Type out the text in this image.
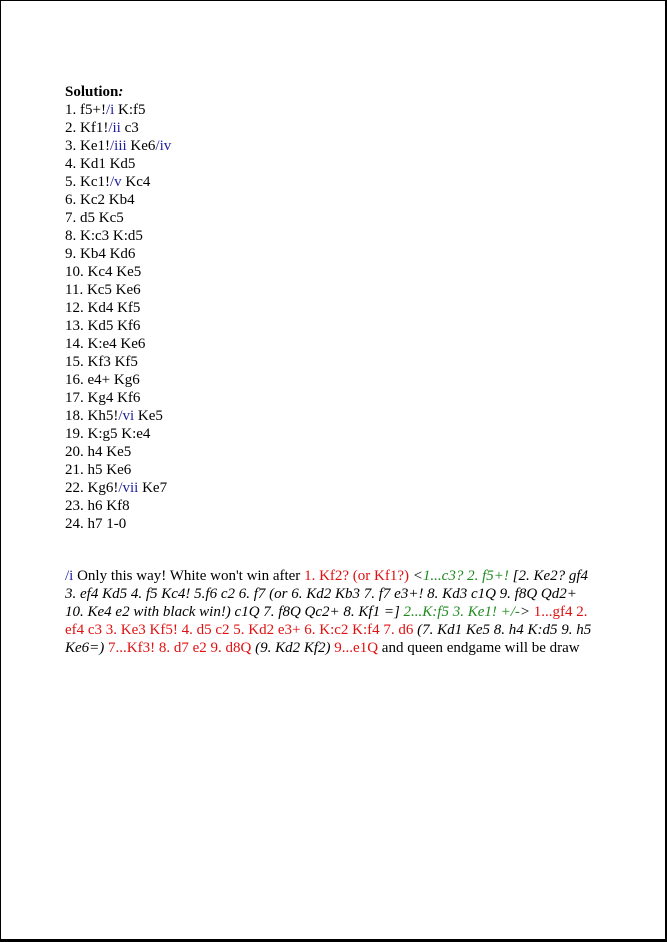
Solution:
1. f5+!/i K:f5
2. Kf1!/ii c3
3. Ke1!/iii Ke6/iv
4. Kd1 Kd5
5. Kc1!/v Kc4
6. Kc2 Kb4
7. d5 Kc5
8. K:c3 K:d5
9. Kb4 Kd6
10. Kc4 Ke5
11. Kc5 Ke6
12. Kd4 Kf5
13. Kd5 Kf6
14. K:e4 Ke6
15. Kf3 Kf5
16. e4+ Kg6
17. Kg4 Kf6
18. Kh5!/vi Ke5
19. K:g5 K:e4
20. h4 Ke5
21. h5 Ke6
22. Kg6!/vii Ke7
23. h6 Kf8
24. h7 1-0
/i Only this way! White won't win after 1. Kf2? (or Kf1?) <1...c3? 2. f5+! [2. Ke2? gf4 3. ef4 Kd5 4. f5 Kc4! 5.f6 c2 6. f7 (or 6. Kd2 Kb3 7. f7 e3+! 8. Kd3 c1Q 9. f8Q Qd2+ 10. Ke4 e2 with black win!) c1Q 7. f8Q Qc2+ 8. Kf1 =] 2...K:f5 3. Ke1! +/-> 1...gf4 2. ef4 c3 3. Ke3 Kf5! 4. d5 c2 5. Kd2 e3+ 6. K:c2 K:f4 7. d6 (7. Kd1 Ke5 8. h4 K:d5 9. h5 Ke6=) 7...Kf3! 8. d7 e2 9. d8Q (9. Kd2 Kf2) 9...e1Q and queen endgame will be draw
